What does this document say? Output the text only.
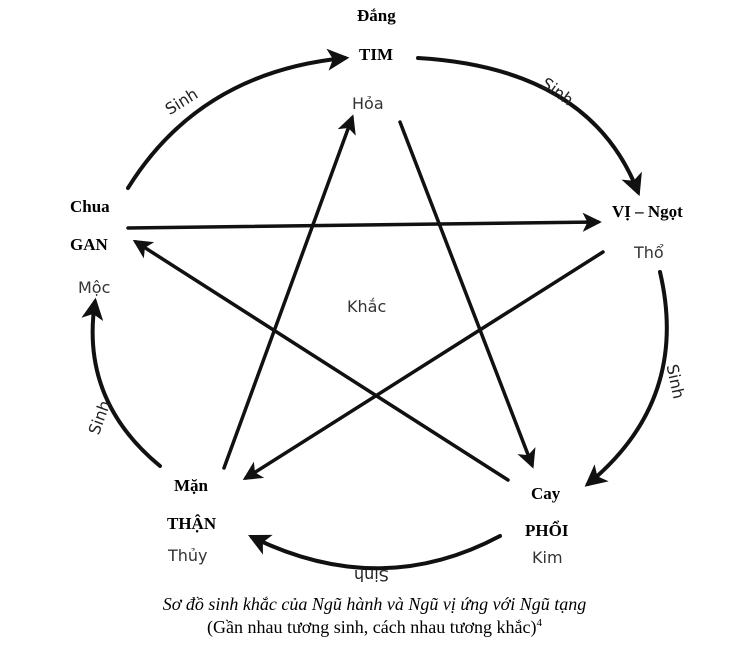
Đắng
TIM
Hỏa
VỊ – Ngọt
Thổ
Cay
PHỔI
Kim
Mặn
THẬN
Thủy
Chua
GAN
Mộc
Khắc
Sinh	Sinh
Sinh
Sinh
Sinh
Sơ đồ sinh khắc của Ngũ hành và Ngũ vị ứng với Ngũ tạng
(Gần nhau tương sinh, cách nhau tương khắc)$^4$
